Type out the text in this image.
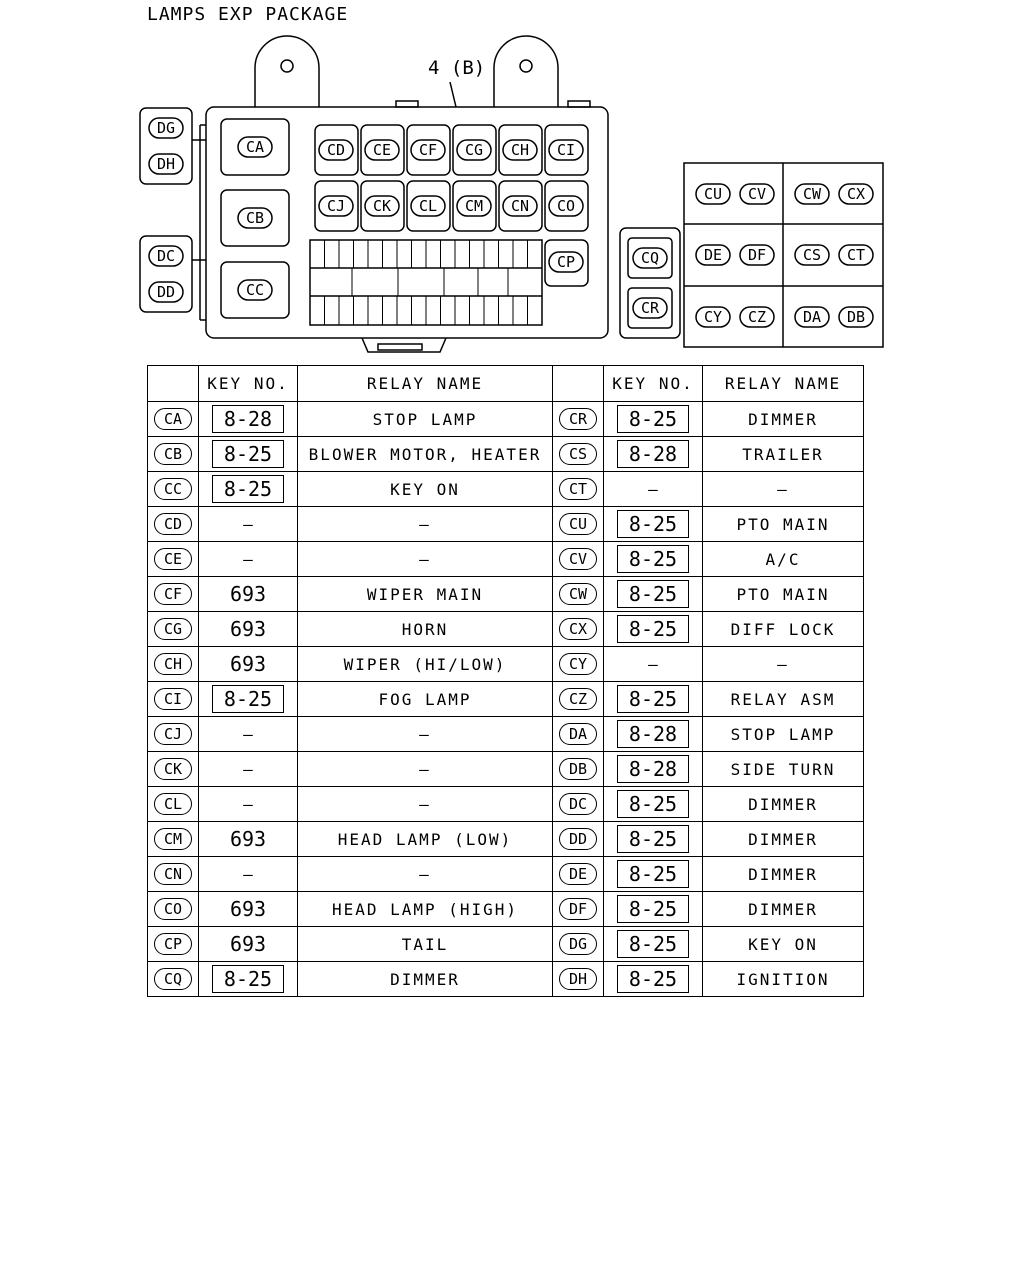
LAMPS EXP PACKAGE
4 (B)
CA
CB
CC
CD CE CF CG CH CI
CJ CK CL CM CN CO
CP
DG
DH
DC
DD
CQ
CR
CU CV CW CX
DE DF CS CT
CY CZ DA DB
	KEY NO.	RELAY NAME		KEY NO.	RELAY NAME
CA	8-28	STOP LAMP	CR	8-25	DIMMER
CB	8-25	BLOWER MOTOR, HEATER	CS	8-28	TRAILER
CC	8-25	KEY ON	CT	—	—
CD	—	—	CU	8-25	PTO MAIN
CE	—	—	CV	8-25	A/C
CF	693	WIPER MAIN	CW	8-25	PTO MAIN
CG	693	HORN	CX	8-25	DIFF LOCK
CH	693	WIPER (HI/LOW)	CY	—	—
CI	8-25	FOG LAMP	CZ	8-25	RELAY ASM
CJ	—	—	DA	8-28	STOP LAMP
CK	—	—	DB	8-28	SIDE TURN
CL	—	—	DC	8-25	DIMMER
CM	693	HEAD LAMP (LOW)	DD	8-25	DIMMER
CN	—	—	DE	8-25	DIMMER
CO	693	HEAD LAMP (HIGH)	DF	8-25	DIMMER
CP	693	TAIL	DG	8-25	KEY ON
CQ	8-25	DIMMER	DH	8-25	IGNITION
